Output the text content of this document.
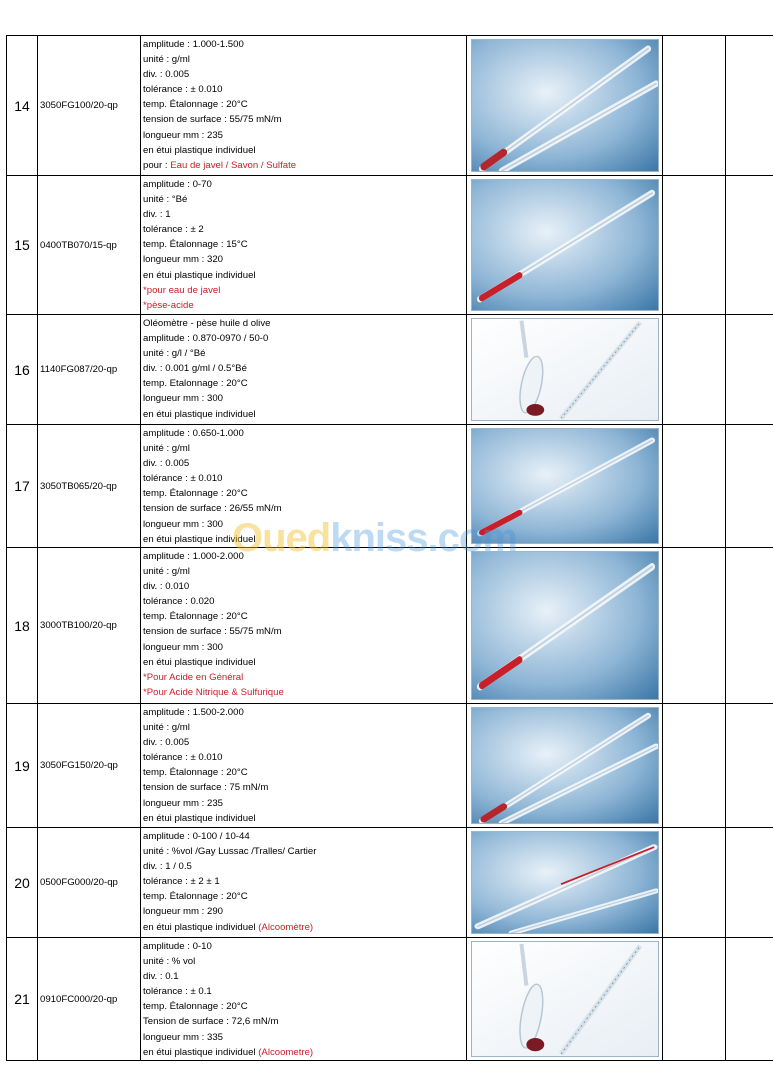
14	3050FG100/20-qp
amplitude : 1.000-1.500
unité : g/ml
div. : 0.005
tolérance : ± 0.010
temp. Étalonnage : 20°C
tension de surface : 55/75 mN/m
longueur mm : 235
en étui plastique individuel
pour : Eau de javel / Savon / Sulfate
15	0400TB070/15-qp
amplitude : 0-70
unité : °Bé
div. : 1
tolérance : ± 2
temp. Étalonnage : 15°C
longueur mm : 320
en étui plastique individuel
*pour eau de javel
*pèse-acide
16	1140FG087/20-qp
Oléomètre - pèse huile d olive
amplitude : 0.870-0970 / 50-0
unité : g/l / °Bé
div. : 0.001 g/ml / 0.5°Bé
temp. Etalonnage : 20°C
longueur mm : 300
en étui plastique individuel
17	3050TB065/20-qp
amplitude : 0.650-1.000
unité : g/ml
div. : 0.005
tolérance : ± 0.010
temp. Étalonnage : 20°C
tension de surface : 26/55 mN/m
longueur mm : 300
en étui plastique individuel
18	3000TB100/20-qp
amplitude : 1.000-2.000
unité : g/ml
div. : 0.010
tolérance : 0.020
temp. Étalonnage : 20°C
tension de surface : 55/75 mN/m
longueur mm : 300
en étui plastique individuel
*Pour Acide en Général
*Pour Acide Nitrique & Sulfurique
19	3050FG150/20-qp
amplitude : 1.500-2.000
unité : g/ml
div. : 0.005
tolérance : ± 0.010
temp. Étalonnage : 20°C
tension de surface : 75 mN/m
longueur mm : 235
en étui plastique individuel
20	0500FG000/20-qp
amplitude : 0-100 / 10-44
unité : %vol /Gay Lussac /Tralles/ Cartier
div. : 1 / 0.5
tolérance : ± 2 ± 1
temp. Étalonnage : 20°C
longueur mm : 290
en étui plastique individuel (Alcoomètre)
21	0910FC000/20-qp
amplitude : 0-10
unité : % vol
div. : 0.1
tolérance : ± 0.1
temp. Étalonnage : 20°C
Tension de surface : 72,6 mN/m
longueur mm : 335
en étui plastique individuel (Alcoometre)
Ouedkniss.com
